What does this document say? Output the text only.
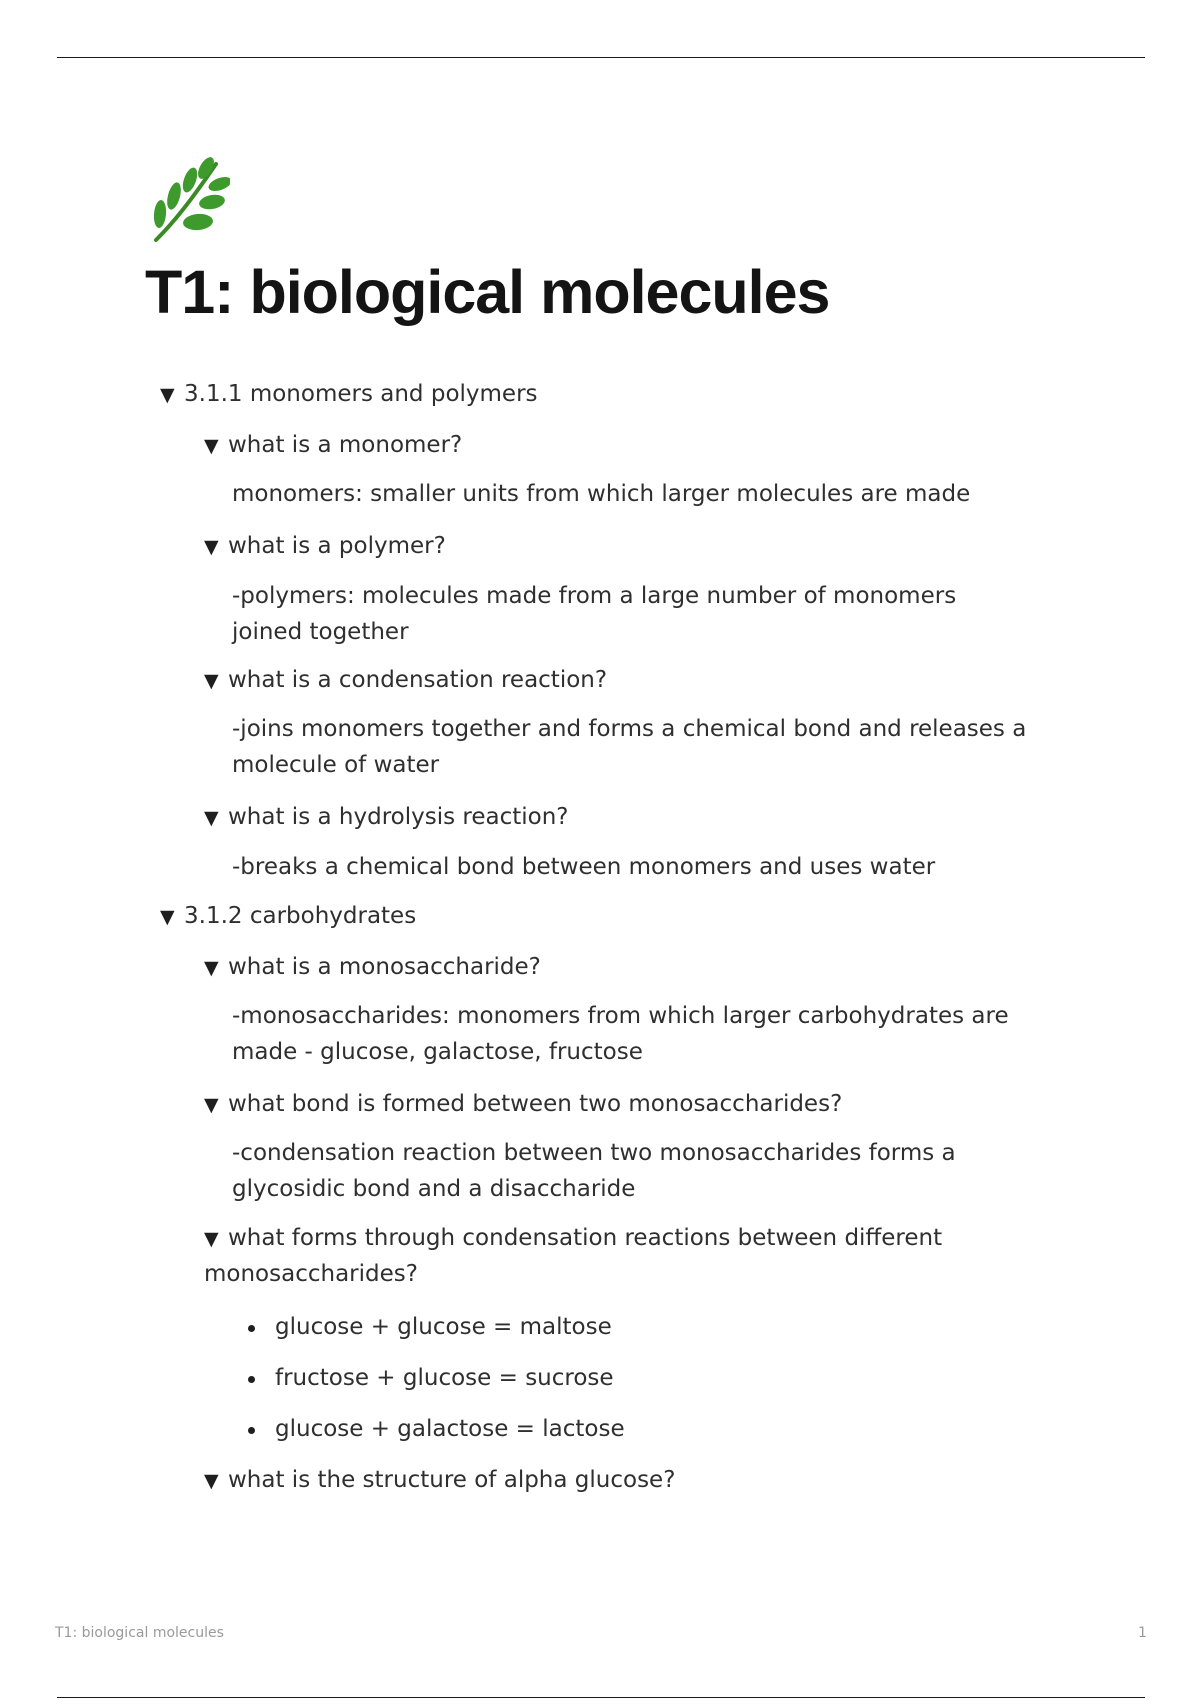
T1: biological molecules
▼ 3.1.1 monomers and polymers
▼ what is a monomer?
monomers: smaller units from which larger molecules are made
▼ what is a polymer?
-polymers: molecules made from a large number of monomers
joined together
▼ what is a condensation reaction?
-joins monomers together and forms a chemical bond and releases a
molecule of water
▼ what is a hydrolysis reaction?
-breaks a chemical bond between monomers and uses water
▼ 3.1.2 carbohydrates
▼ what is a monosaccharide?
-monosaccharides: monomers from which larger carbohydrates are
made - glucose, galactose, fructose
▼ what bond is formed between two monosaccharides?
-condensation reaction between two monosaccharides forms a
glycosidic bond and a disaccharide
▼ what forms through condensation reactions between different
monosaccharides?
glucose + glucose = maltose
fructose + glucose = sucrose
glucose + galactose = lactose
▼ what is the structure of alpha glucose?
T1: biological molecules	1
